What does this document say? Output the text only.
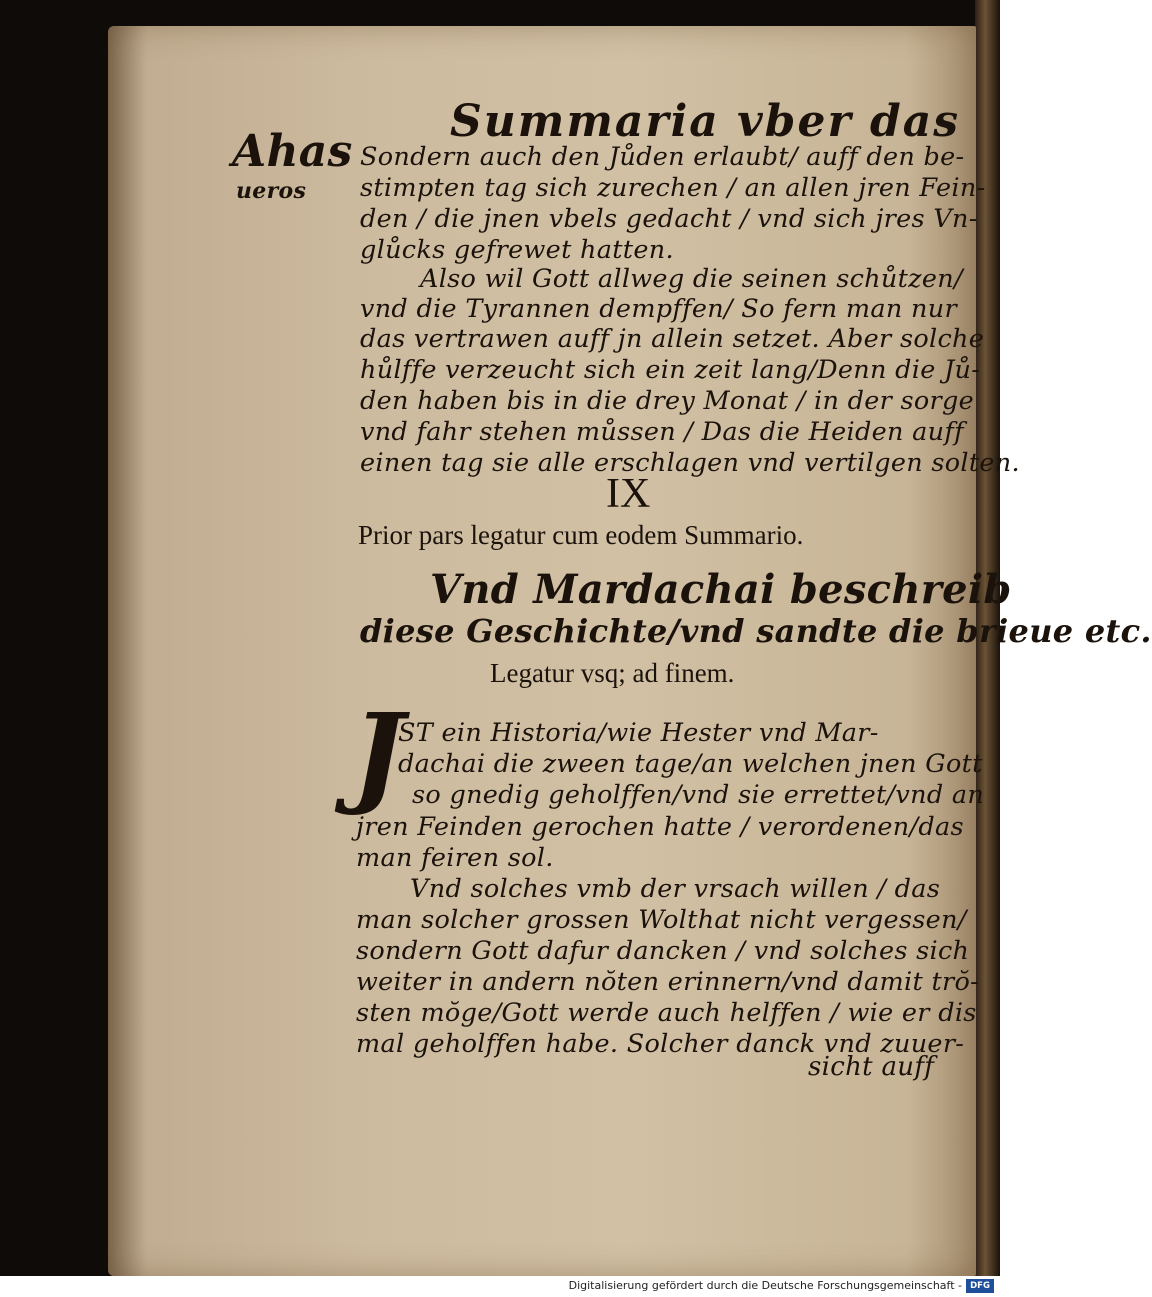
Summaria vber das
Ahas
ueros
Sondern auch den Jůden erlaubt/ auff den be-
stimpten tag sich zurechen / an allen jren Fein-
den / die jnen vbels gedacht / vnd sich jres Vn-
glůcks gefrewet hatten.
Also wil Gott allweg die seinen schůtzen/
vnd die Tyrannen dempffen/ So fern man nur
das vertrawen auff jn allein setzet. Aber solche
hůlffe verzeucht sich ein zeit lang/Denn die Jů-
den haben bis in die drey Monat / in der sorge
vnd fahr stehen můssen / Das die Heiden auff
einen tag sie alle erschlagen vnd vertilgen solten.
IX
Prior pars legatur cum eodem Summario.
Vnd Mardachai beschreib
diese Geschichte/vnd sandte die brieue etc.
Legatur vsq; ad finem.
J
ST ein Historia/wie Hester vnd Mar-
dachai die zween tage/an welchen jnen Gott
so gnedig geholffen/vnd sie errettet/vnd an
jren Feinden gerochen hatte / verordenen/das
man feiren sol.
Vnd solches vmb der vrsach willen / das
man solcher grossen Wolthat nicht vergessen/
sondern Gott dafur dancken / vnd solches sich
weiter in andern nŏten erinnern/vnd damit trŏ-
sten mŏge/Gott werde auch helffen / wie er dis
mal geholffen habe. Solcher danck vnd zuuer-
sicht auff
Digitalisierung gefördert durch die Deutsche Forschungsgemeinschaft - DFG
